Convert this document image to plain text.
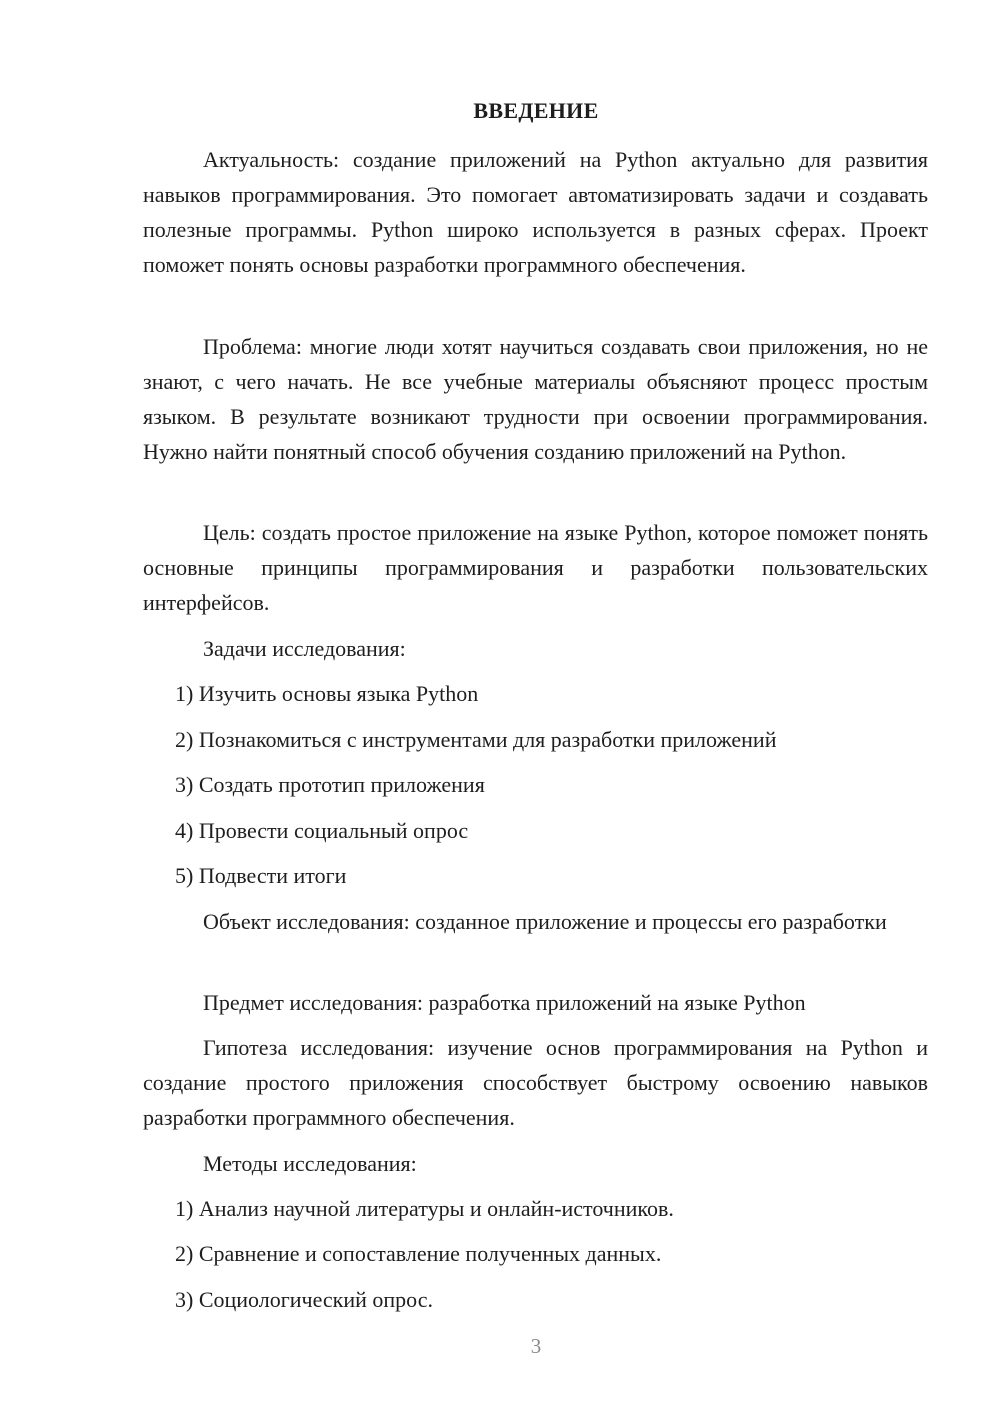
ВВЕДЕНИЕ

Актуальность: создание приложений на Python актуально для развития навыков программирования. Это помогает автоматизировать задачи и создавать полезные программы. Python широко используется в разных сферах. Проект поможет понять основы разработки программного обеспечения.

Проблема: многие люди хотят научиться создавать свои приложения, но не знают, с чего начать. Не все учебные материалы объясняют процесс простым языком. В результате возникают трудности при освоении программирования. Нужно найти понятный способ обучения созданию приложений на Python.

Цель: создать простое приложение на языке Python, которое поможет понять основные принципы программирования и разработки пользовательских интерфейсов.

Задачи исследования:

1) Изучить основы языка Python

2) Познакомиться с инструментами для разработки приложений

3) Создать прототип приложения

4) Провести социальный опрос

5) Подвести итоги

Объект исследования: созданное приложение и процессы его разработки

Предмет исследования: разработка приложений на языке Python

Гипотеза исследования: изучение основ программирования на Python и создание простого приложения способствует быстрому освоению навыков разработки программного обеспечения.

Методы исследования:

1) Анализ научной литературы и онлайн-источников.

2) Сравнение и сопоставление полученных данных.

3) Социологический опрос.

3
